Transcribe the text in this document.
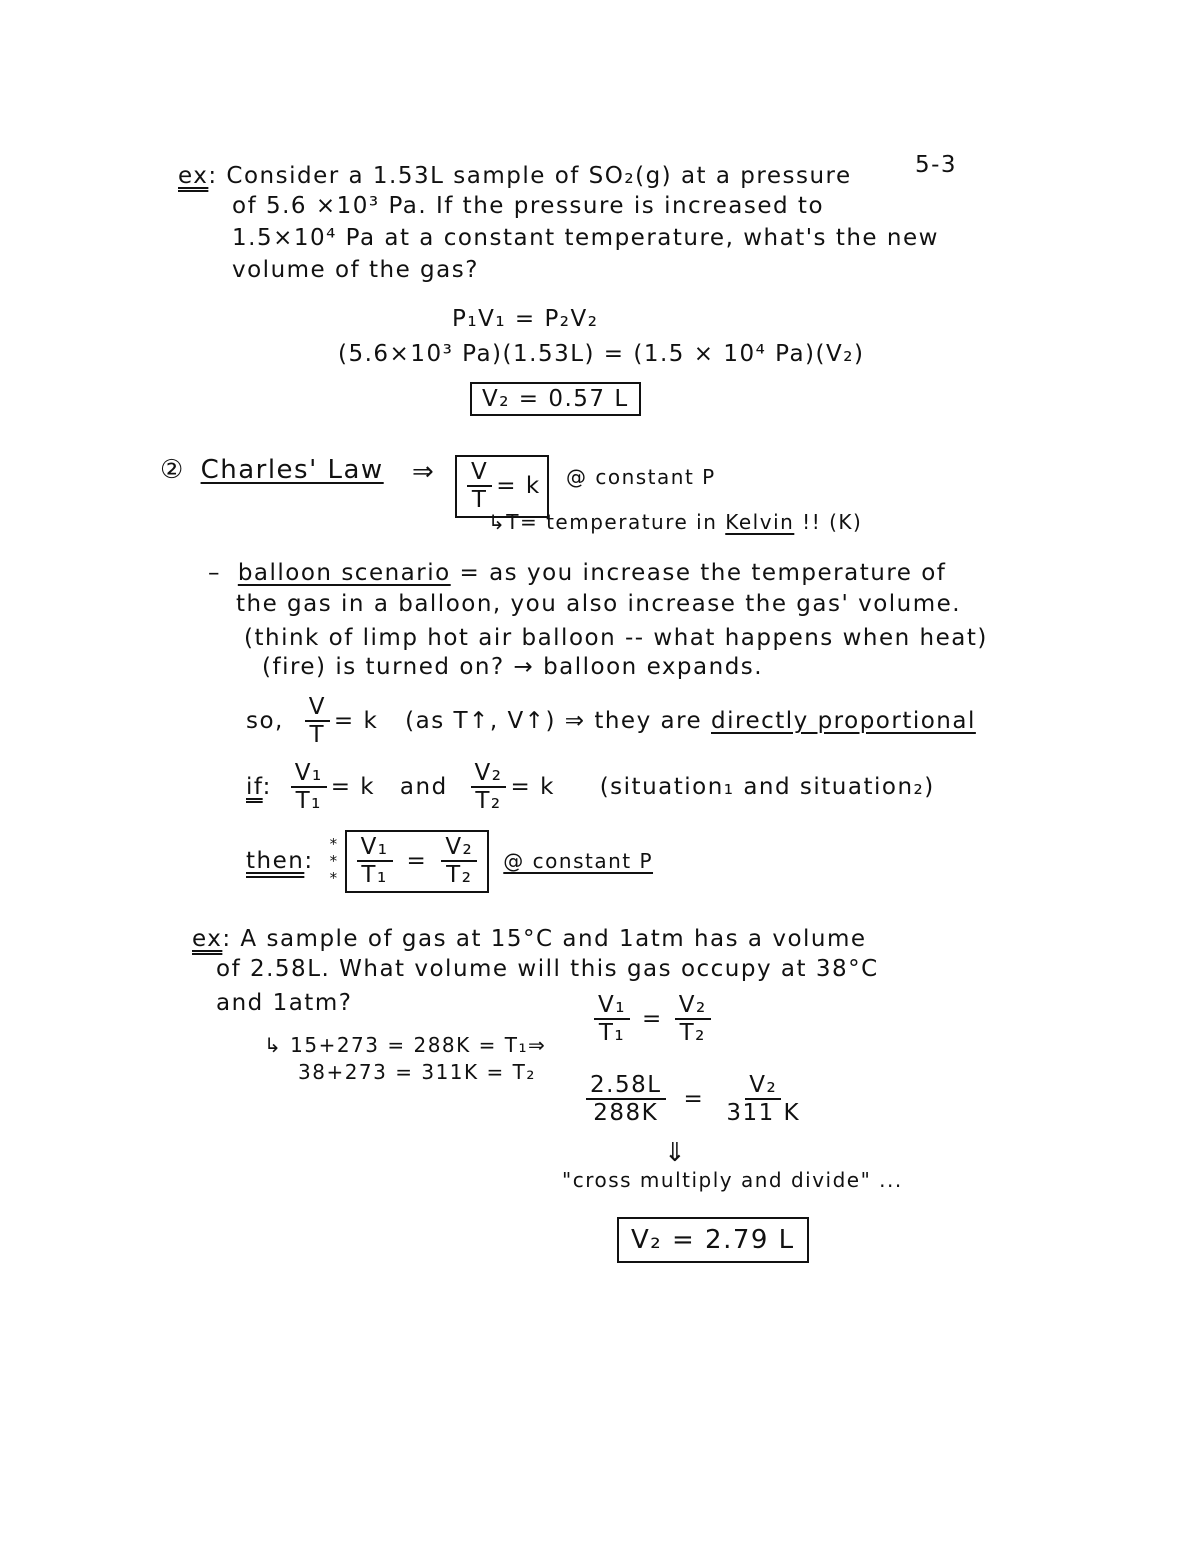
5-3
ex: Consider a 1.53L sample of SO₂(g) at a pressure
of 5.6 ×10³ Pa. If the pressure is increased to
1.5×10⁴ Pa at a constant temperature, what's the new
volume of the gas?
P₁V₁ = P₂V₂
(5.6×10³ Pa)(1.53L) = (1.5 × 10⁴ Pa)(V₂)
V₂ = 0.57 L
② Charles' Law ⇒ $\frac{V}{T} = k$	@ constant P
↳T= temperature in Kelvin !! (K)
– balloon scenario = as you increase the temperature of
the gas in a balloon, you also increase the gas' volume.
(think of limp hot air balloon -- what happens when heat)
(fire) is turned on? → balloon expands.
so, $\frac{V}{T} = k$ (as T↑, V↑) ⇒ they are directly proportional
if: $\frac{\text{V₁}}{\text{T₁}} = k$ and $\frac{\text{V₂}}{\text{T₂}} = k$ (situation₁ and situation₂)
then :
*
*
* $\frac{\text{V₁}}{\text{T₁}} = \frac{\text{V₂}}{\text{T₂}}$ @ constant P
ex: A sample of gas at 15°C and 1atm has a volume
of 2.58L. What volume will this gas occupy at 38°C
and 1atm?
↳ 15+273 = 288K = T₁ ⇒
38+273 = 311K = T₂
$\frac{\text{V₁}}{\text{T₁}} = \frac{\text{V₂}}{\text{T₂}}$
$\frac{2.58L}{288K} = \frac{\text{V₂}}{311 K}$
⇓
"cross multiply and divide" ...
V₂ = 2.79 L
